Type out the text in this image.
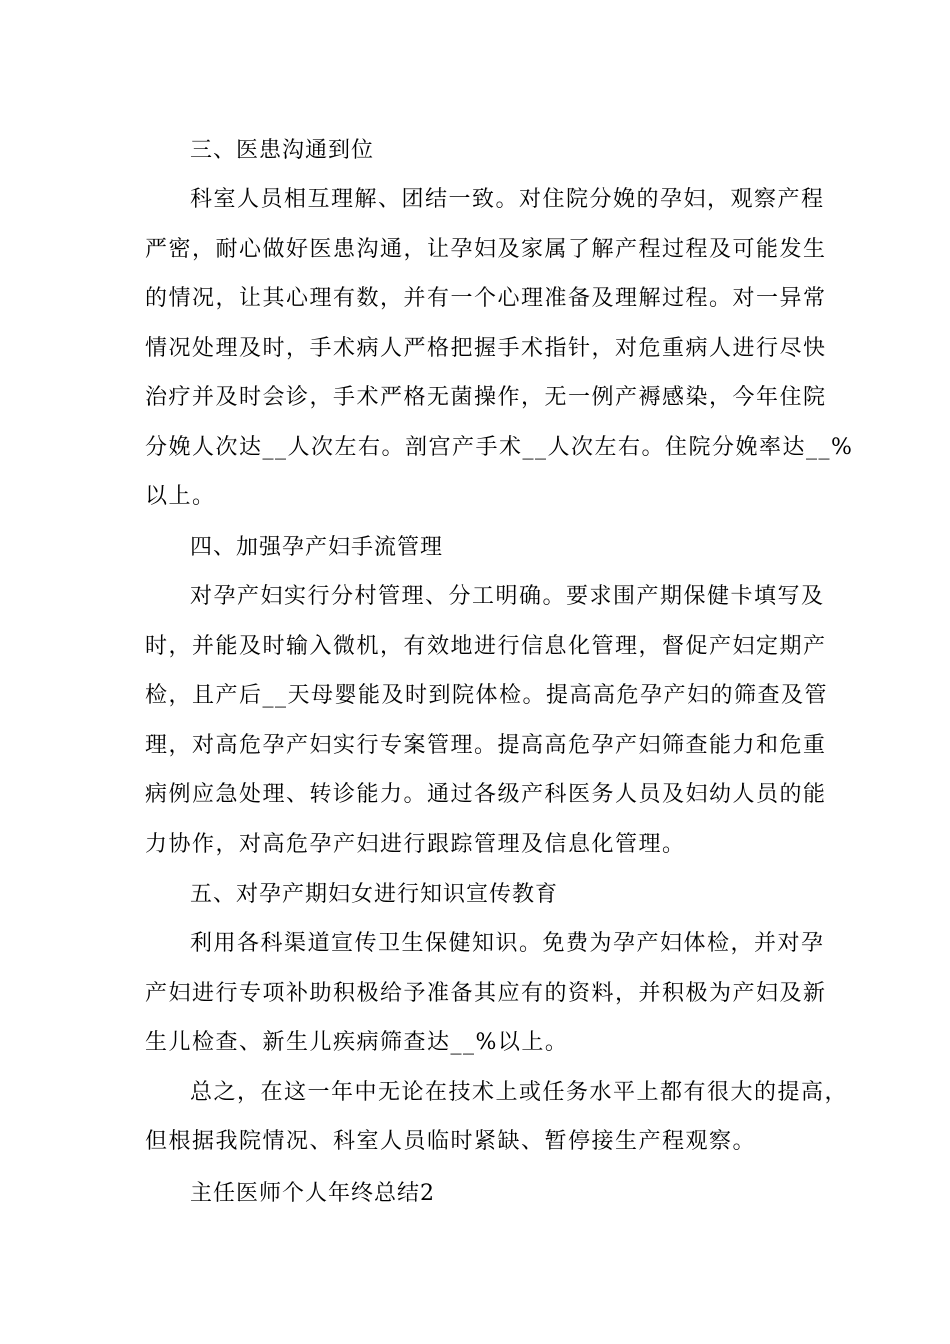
三、医患沟通到位
科室人员相互理解、团结一致。对住院分娩的孕妇，观察产程
严密，耐心做好医患沟通，让孕妇及家属了解产程过程及可能发生
的情况，让其心理有数，并有一个心理准备及理解过程。对一异常
情况处理及时，手术病人严格把握手术指针，对危重病人进行尽快
治疗并及时会诊，手术严格无菌操作，无一例产褥感染，今年住院
分娩人次达__人次左右。剖宫产手术__人次左右。住院分娩率达__%
以上。
四、加强孕产妇手流管理
对孕产妇实行分村管理、分工明确。要求围产期保健卡填写及
时，并能及时输入微机，有效地进行信息化管理，督促产妇定期产
检，且产后__天母婴能及时到院体检。提高高危孕产妇的筛查及管
理，对高危孕产妇实行专案管理。提高高危孕产妇筛查能力和危重
病例应急处理、转诊能力。通过各级产科医务人员及妇幼人员的能
力协作，对高危孕产妇进行跟踪管理及信息化管理。
五、对孕产期妇女进行知识宣传教育
利用各科渠道宣传卫生保健知识。免费为孕产妇体检，并对孕
产妇进行专项补助积极给予准备其应有的资料，并积极为产妇及新
生儿检查、新生儿疾病筛查达__%以上。
总之，在这一年中无论在技术上或任务水平上都有很大的提高，
但根据我院情况、科室人员临时紧缺、暂停接生产程观察。
主任医师个人年终总结2
